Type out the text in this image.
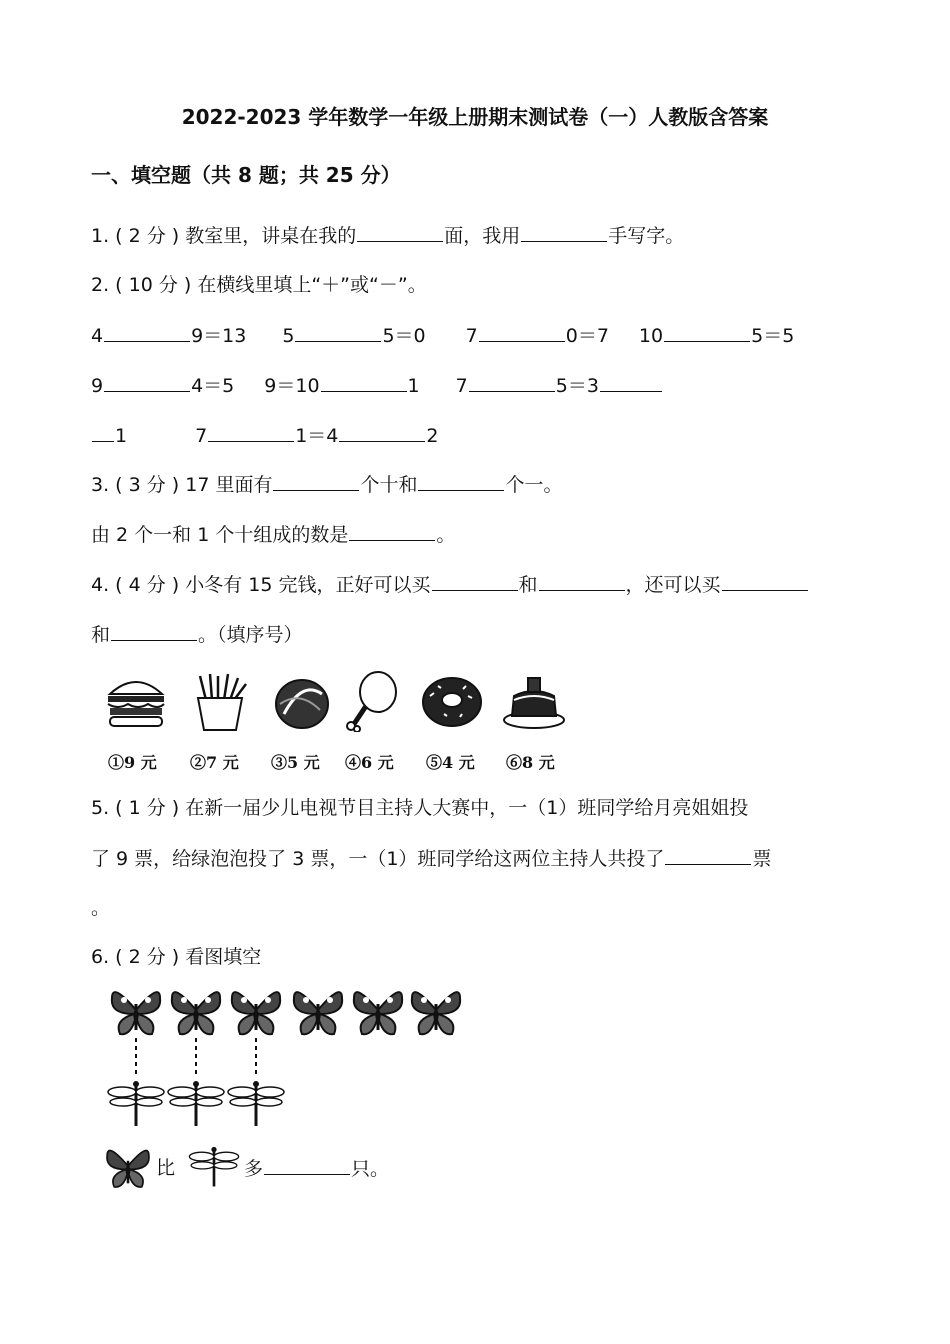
2022-2023 学年数学一年级上册期末测试卷（一）人教版含答案
一、填空题（共 8 题；共 25 分）
1. ( 2 分 ) 教室里，讲桌在我的	面，我用	手写字。
2. ( 10 分 ) 在横线里填上“＋”或“－”。
4	9＝13 5	5＝0 7	0＝7 10	5＝5
9	4＝5 9＝10	1 7	5＝3
1	7	1＝4	2
3. ( 3 分 ) 17 里面有	个十和	个一。
由 2 个一和 1 个十组成的数是	。
4. ( 4 分 ) 小冬有 15 完钱，正好可以买	和	，还可以买
和	。（填序号）
①9 元 ②7 元 ③5 元 ④6 元 ⑤4 元 ⑥8 元
5. ( 1 分 ) 在新一届少儿电视节目主持人大赛中，一（1）班同学给月亮姐姐投
了 9 票，给绿泡泡投了 3 票，一（1）班同学给这两位主持人共投了	票
。
6. ( 2 分 ) 看图填空
比	多	只。
